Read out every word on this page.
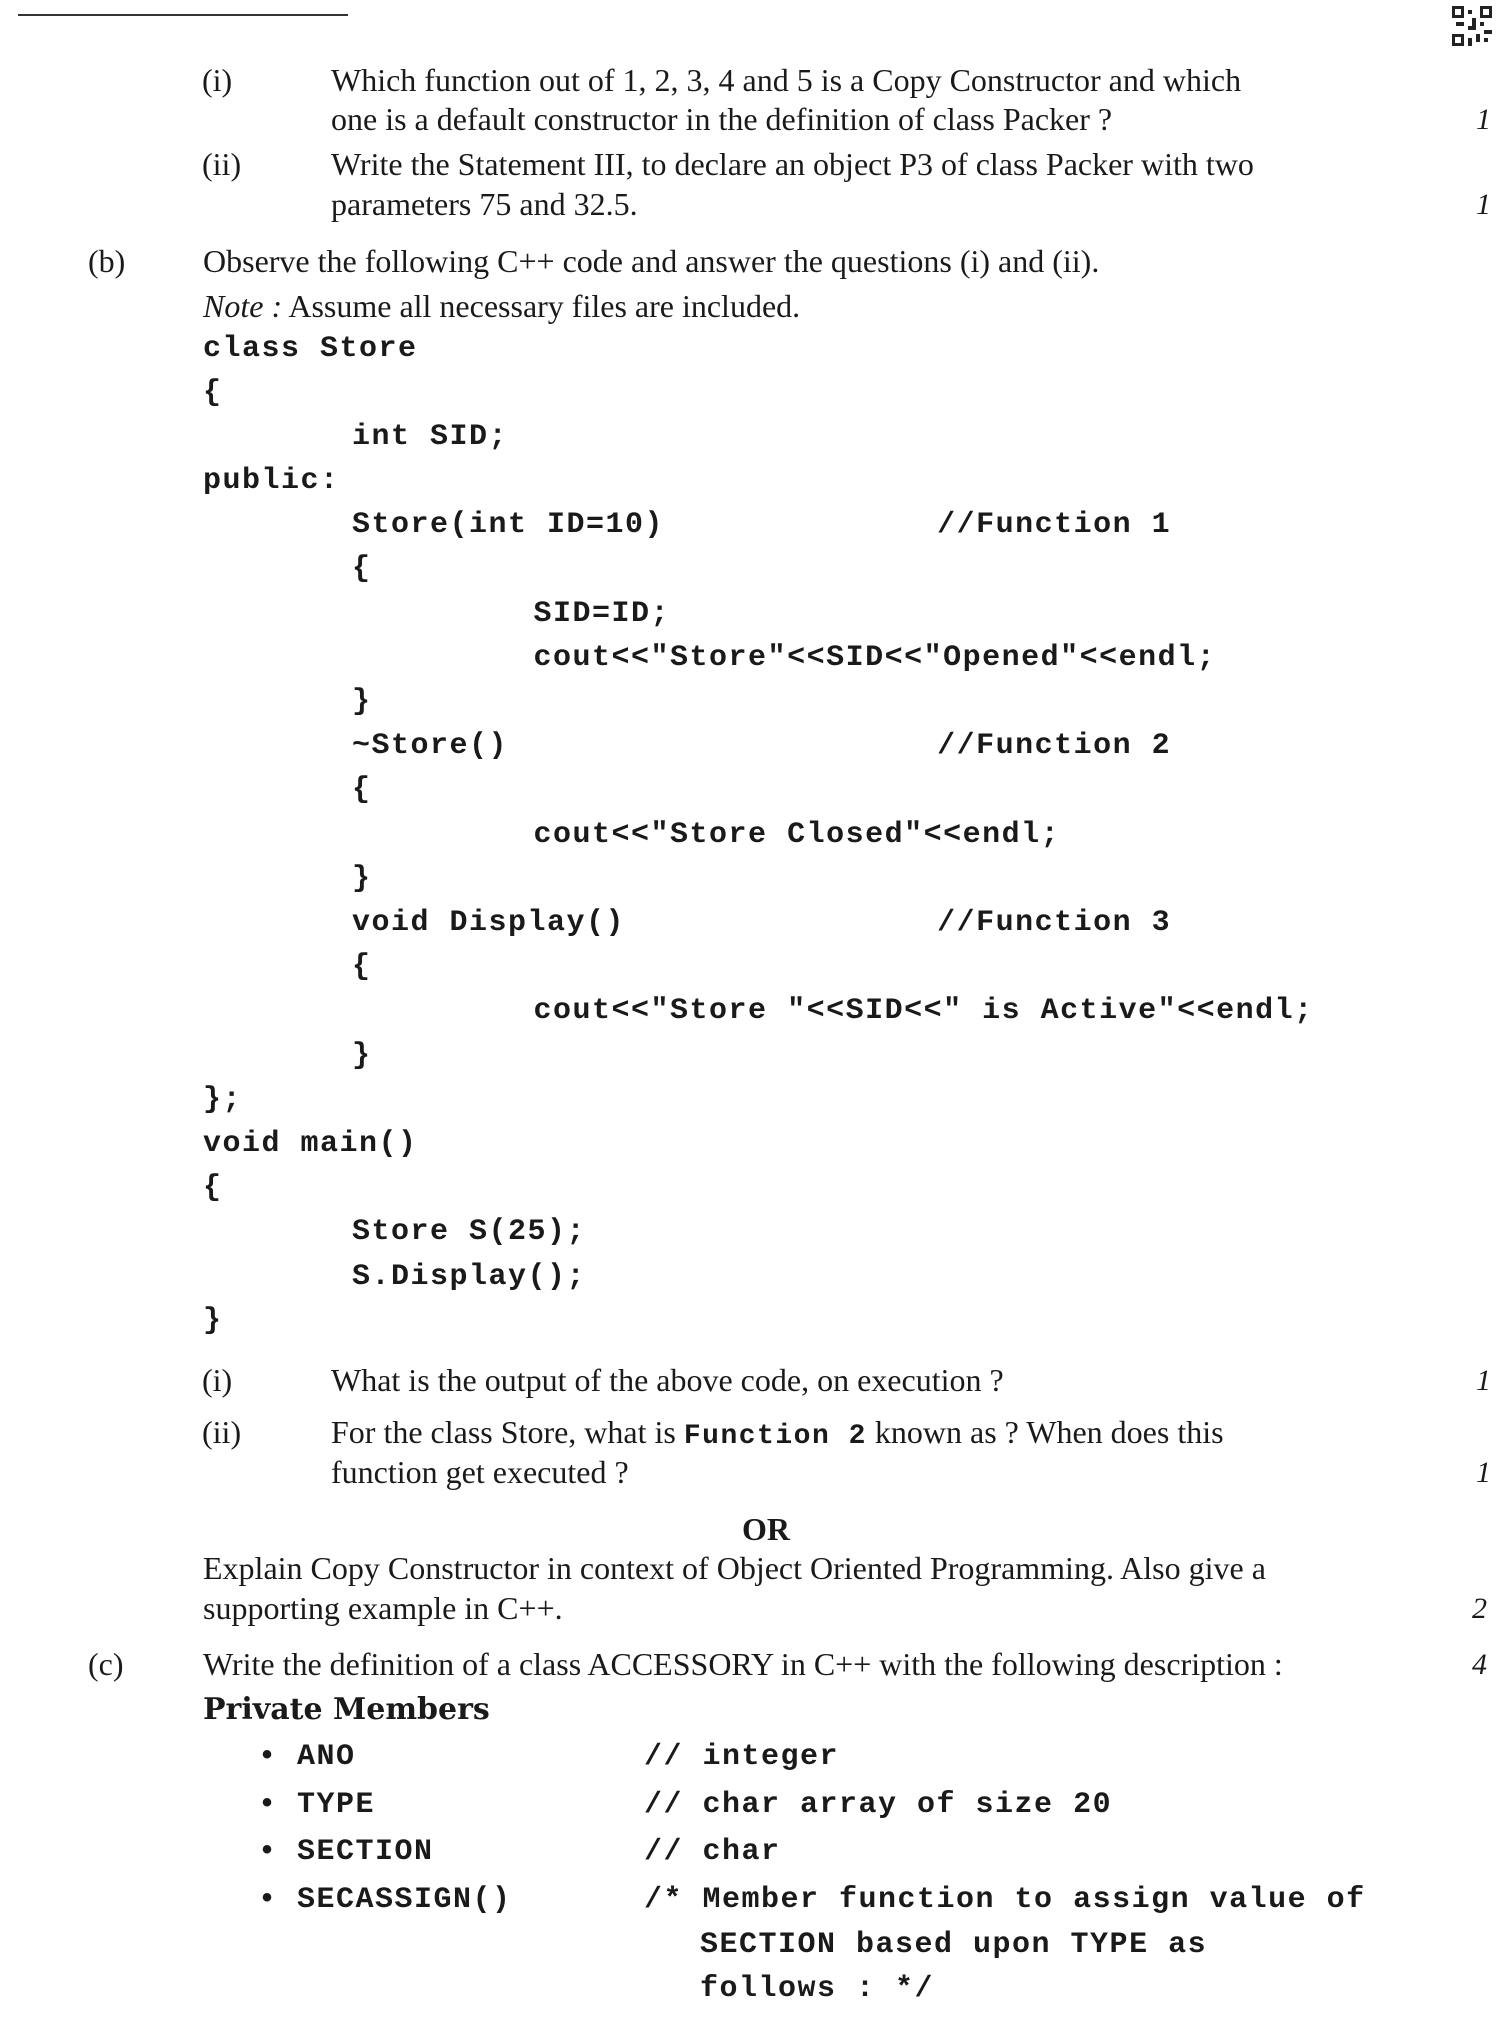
(i)	Which function out of 1, 2, 3, 4 and 5 is a Copy Constructor and which
one is a default constructor in the definition of class Packer ?	1
(ii)	Write the Statement III, to declare an object P3 of class Packer with two
parameters 75 and 32.5.	1
(b) Observe the following C++ code and answer the questions (i) and (ii).
Note : Assume all necessary files are included.
class Store
{
int SID;
public:
Store(int ID=10)              //Function 1
{
SID=ID;
cout<<"Store"<<SID<<"Opened"<<endl;
}
~Store()                      //Function 2
{
cout<<"Store Closed"<<endl;
}
void Display()                //Function 3
{
cout<<"Store "<<SID<<" is Active"<<endl;
}
};
void main()
{
Store S(25);
S.Display();
}
(i)	What is the output of the above code, on execution ?	1
(ii)	For the class Store, what is Function 2 known as ? When does this
function get executed ?	1
OR
Explain Copy Constructor in context of Object Oriented Programming. Also give a
supporting example in C++.	2
(c) Write the definition of a class ACCESSORY in C++ with the following description :	4
Private Members
• ANO	// integer
• TYPE	// char array of size 20
• SECTION	// char
• SECASSIGN()	/* Member function to assign value of
SECTION based upon TYPE as
follows : */
